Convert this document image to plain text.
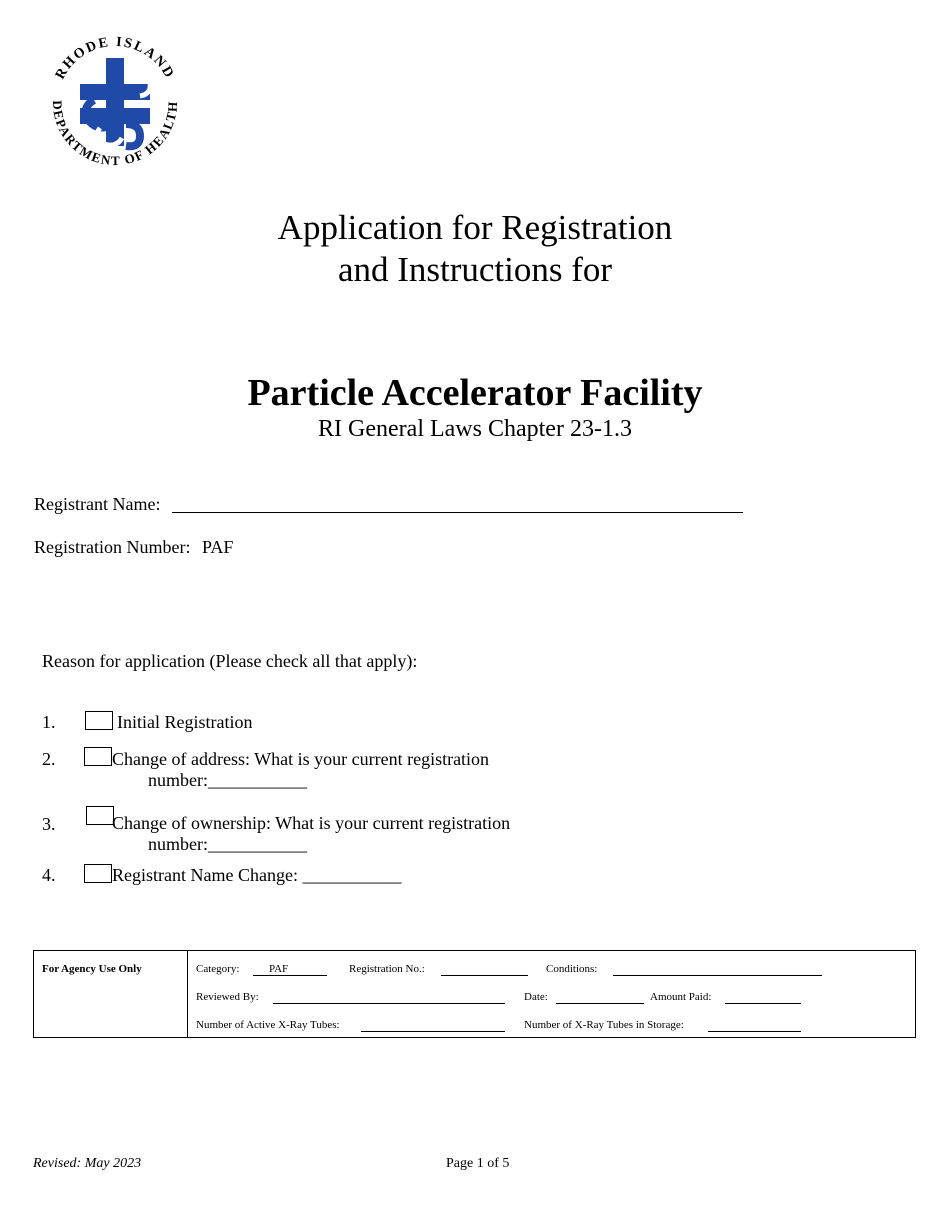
RHODE ISLAND
DEPARTMENT OF HEALTH
Application for Registration
and Instructions for
Particle Accelerator Facility
RI General Laws Chapter 23-1.3
Registrant Name:
Registration Number: PAF
Reason for application (Please check all that apply):
1.	Initial Registration
2.	Change of address: What is your current registration
number:___________
3.	Change of ownership: What is your current registration
number:___________
4.	Registrant Name Change: ___________
For Agency Use Only	Category:	PAF	Registration No.:	Conditions:
Reviewed By:	Date:	Amount Paid:
Number of Active X-Ray Tubes:	Number of X-Ray Tubes in Storage:
Revised: May 2023	Page 1 of 5
